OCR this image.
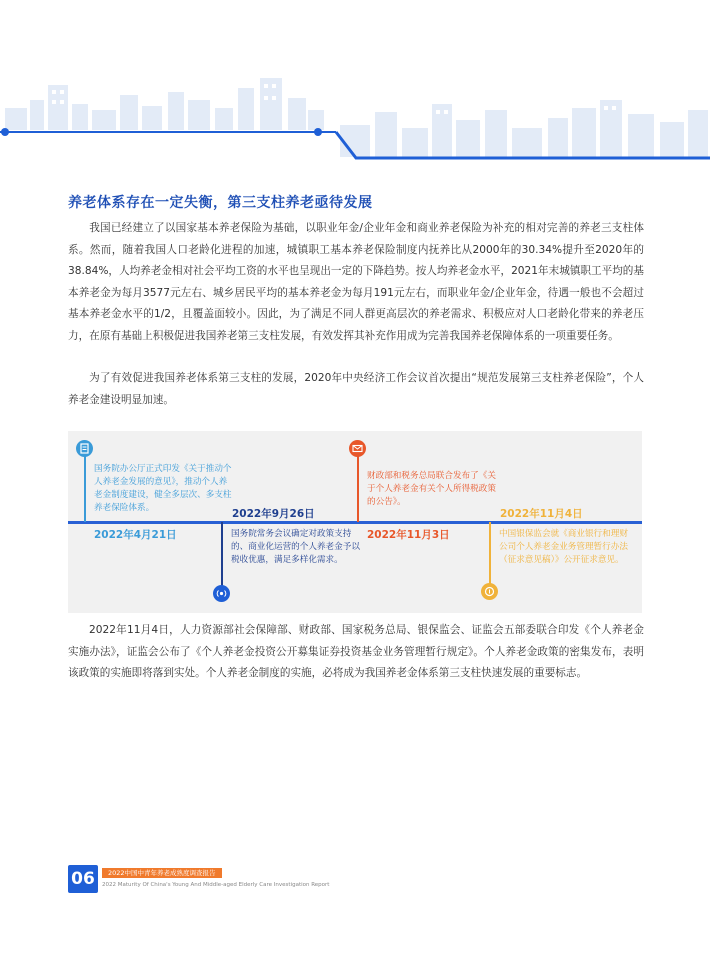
养老体系存在一定失衡，第三支柱养老亟待发展
我国已经建立了以国家基本养老保险为基础，以职业年金/企业年金和商业养老保险为补充的相对完善的养老三支柱体系。然而，随着我国人口老龄化进程的加速，城镇职工基本养老保险制度内抚养比从2000年的30.34%提升至2020年的38.84%，人均养老金相对社会平均工资的水平也呈现出一定的下降趋势。按人均养老金水平，2021年末城镇职工平均的基本养老金为每月3577元左右、城乡居民平均的基本养老金为每月191元左右，而职业年金/企业年金，待遇一般也不会超过基本养老金水平的1/2，且覆盖面较小。因此，为了满足不同人群更高层次的养老需求、积极应对人口老龄化带来的养老压力，在原有基础上积极促进我国养老第三支柱发展，有效发挥其补充作用成为完善我国养老保障体系的一项重要任务。
为了有效促进我国养老体系第三支柱的发展，2020年中央经济工作会议首次提出“规范发展第三支柱养老保险”，个人养老金建设明显加速。
国务院办公厅正式印发《关于推动个人养老金发展的意见》，推动个人养老金制度建设，健全多层次、多支柱养老保险体系。
2022年4月21日
2022年9月26日
国务院常务会议确定对政策支持的、商业化运营的个人养老金予以税收优惠，满足多样化需求。
财政部和税务总局联合发布了《关于个人养老金有关个人所得税政策的公告》。
2022年11月3日
2022年11月4日
中国银保监会就《商业银行和理财公司个人养老金业务管理暂行办法（征求意见稿）》公开征求意见。
2022年11月4日，人力资源部社会保障部、财政部、国家税务总局、银保监会、证监会五部委联合印发《个人养老金实施办法》，证监会公布了《个人养老金投资公开募集证券投资基金业务管理暂行规定》。个人养老金政策的密集发布，表明该政策的实施即将落到实处。个人养老金制度的实施，必将成为我国养老金体系第三支柱快速发展的重要标志。
06	2022中国中青年养老成熟度调查报告
2022 Maturity Of China's Young And Middle-aged Elderly Care Investigation Report
